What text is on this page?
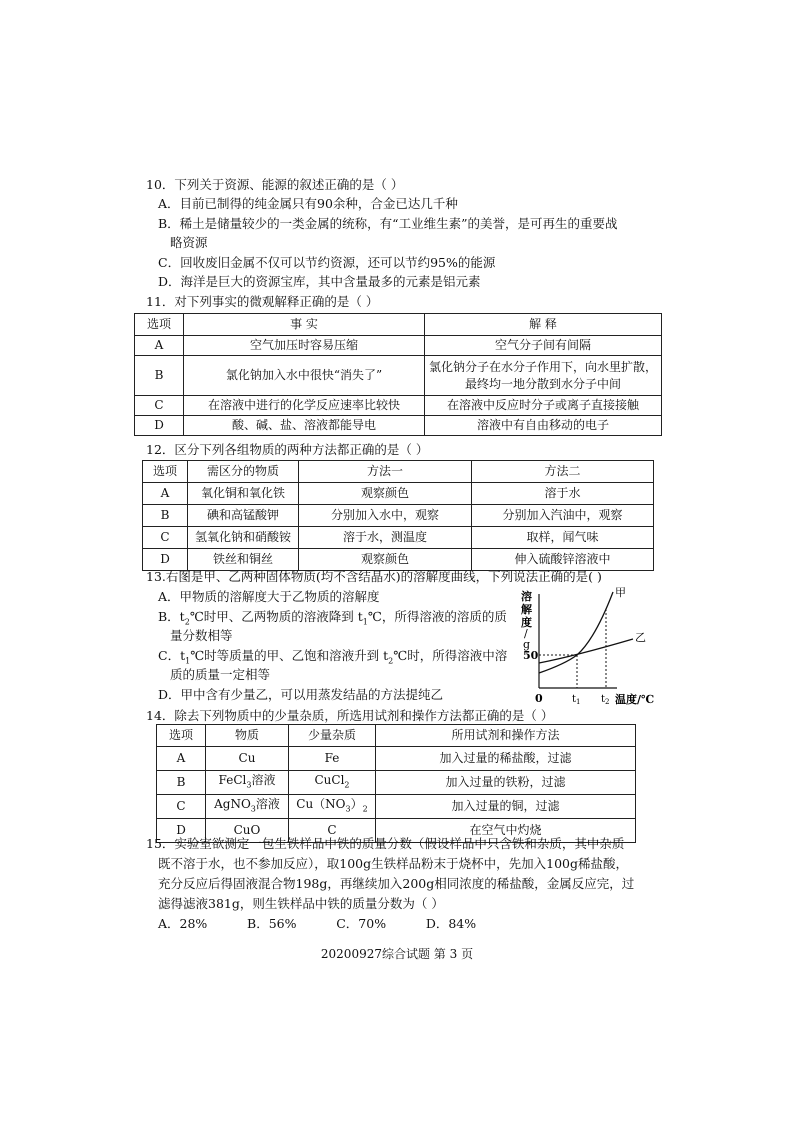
10．下列关于资源、能源的叙述正确的是（ ）
A．目前已制得的纯金属只有90余种，合金已达几千种
B．稀土是储量较少的一类金属的统称，有“工业维生素”的美誉，是可再生的重要战
略资源
C．回收废旧金属不仅可以节约资源，还可以节约95%的能源
D．海洋是巨大的资源宝库，其中含量最多的元素是铝元素
11．对下列事实的微观解释正确的是（ ）
选项	事 实	解 释
A	空气加压时容易压缩	空气分子间有间隔
B	氯化钠加入水中很快“消失了”	氯化钠分子在水分子作用下，向水里扩散，
最终均一地分散到水分子中间

C	在溶液中进行的化学反应速率比较快	在溶液中反应时分子或离子直接接触
D	酸、碱、盐、溶液都能导电	溶液中有自由移动的电子
12．区分下列各组物质的两种方法都正确的是（ ）
选项	需区分的物质	方法一	方法二
A	氧化铜和氧化铁	观察颜色	溶于水
B	碘和高锰酸钾	分别加入水中，观察	分别加入汽油中，观察
C	氢氧化钠和硝酸铵	溶于水，测温度	取样，闻气味
D	铁丝和铜丝	观察颜色	伸入硫酸锌溶液中
13.右图是甲、乙两种固体物质(均不含结晶水)的溶解度曲线，下列说法正确的是( )
A．甲物质的溶解度大于乙物质的溶解度
B．$t_2℃$时甲、乙两物质的溶液降到 $t_1℃$，所得溶液的溶质的质
量分数相等
C．$t_1℃$时等质量的甲、乙饱和溶液升到 $t_2℃$时，所得溶液中溶
质的质量一定相等
D．甲中含有少量乙，可以用蒸发结晶的方法提纯乙
溶
解
度
/
g
50
甲
乙
0	$t_1$ $t_2$ 温度/℃
14．除去下列物质中的少量杂质，所选用试剂和操作方法都正确的是（ ）
选项	物质	少量杂质	所用试剂和操作方法
A	Cu	Fe	加入过量的稀盐酸，过滤
B	FeCl$_3$溶液	CuCl$_2$	加入过量的铁粉，过滤
C	AgNO$_3$溶液	$Cu(NO_3)_2$	加入过量的铜，过滤
D	CuO	C	在空气中灼烧
15．实验室欲测定一包生铁样品中铁的质量分数（假设样品中只含铁和杂质，其中杂质
既不溶于水，也不参加反应），取100g生铁样品粉末于烧杯中，先加入100g稀盐酸，
充分反应后得固液混合物198g，再继续加入200g相同浓度的稀盐酸，金属反应完，过
滤得滤液381g，则生铁样品中铁的质量分数为（ ）
A．28%          B．56%          C．70%          D．84%
20200927综合试题 第 3 页
